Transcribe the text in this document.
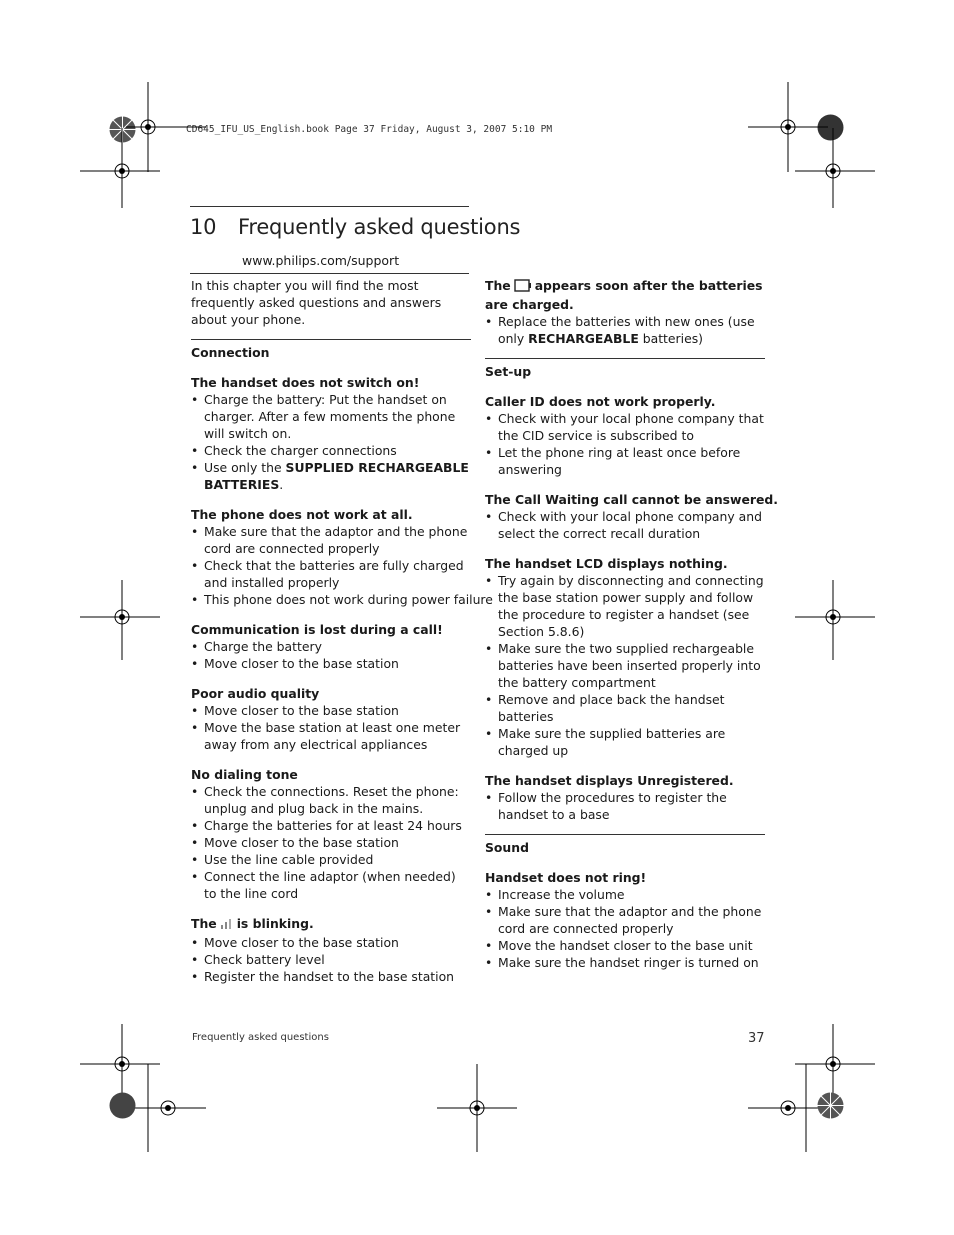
CD645_IFU_US_English.book Page 37 Friday, August 3, 2007 5:10 PM
10 Frequently asked questions
www.philips.com/support

In this chapter you will find the most frequently asked questions and answers about your phone.

Connection

The handset does not switch on!

• Charge the battery: Put the handset on charger. After a few moments the phone will switch on.
• Check the charger connections
• Use only the SUPPLIED RECHARGEABLE BATTERIES.

The phone does not work at all.

• Make sure that the adaptor and the phone cord are connected properly
• Check that the batteries are fully charged and installed properly
• This phone does not work during power failure

Communication is lost during a call!

• Charge the battery
• Move closer to the base station

Poor audio quality

• Move closer to the base station
• Move the base station at least one meter away from any electrical appliances

No dialing tone

• Check the connections. Reset the phone: unplug and plug back in the mains.
• Charge the batteries for at least 24 hours
• Move closer to the base station
• Use the line cable provided
• Connect the line adaptor (when needed) to the line cord

The is blinking.

• Move closer to the base station
• Check battery level
• Register the handset to the base station

The appears soon after the batteries are charged.

• Replace the batteries with new ones (use only RECHARGEABLE batteries)

Set-up

Caller ID does not work properly.

• Check with your local phone company that the CID service is subscribed to
• Let the phone ring at least once before answering

The Call Waiting call cannot be answered.

• Check with your local phone company and select the correct recall duration

The handset LCD displays nothing.

• Try again by disconnecting and connecting the base station power supply and follow the procedure to register a handset (see Section 5.8.6)
• Make sure the two supplied rechargeable batteries have been inserted properly into the battery compartment
• Remove and place back the handset batteries
• Make sure the supplied batteries are charged up

The handset displays Unregistered.

• Follow the procedures to register the handset to a base

Sound

Handset does not ring!

• Increase the volume
• Make sure that the adaptor and the phone cord are connected properly
• Move the handset closer to the base unit
• Make sure the handset ringer is turned on
Frequently asked questions	37
